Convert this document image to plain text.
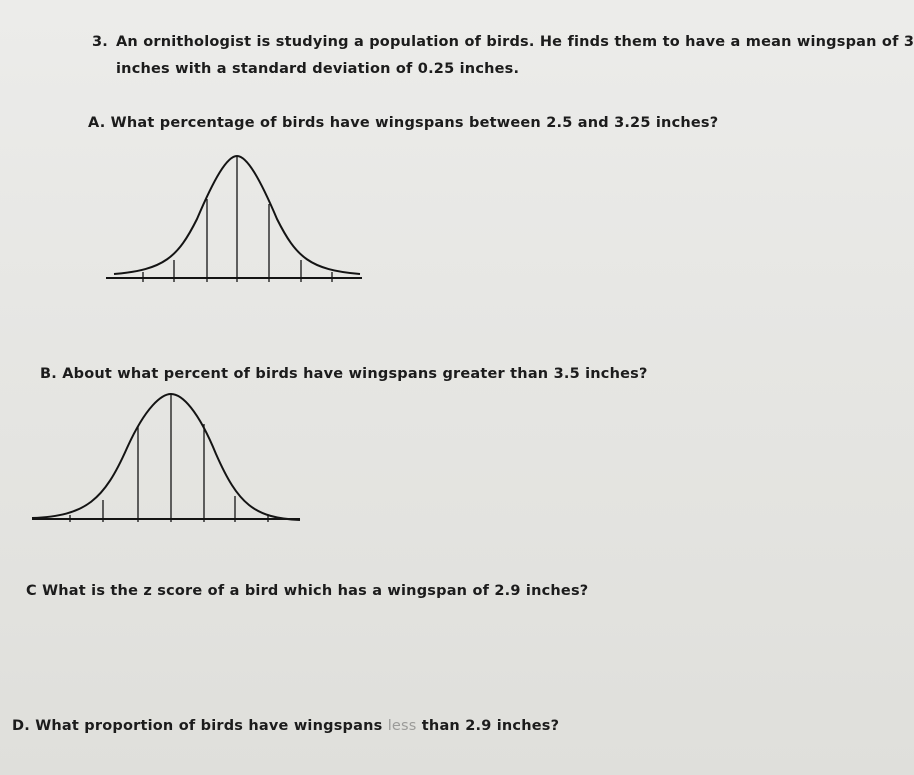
3. An ornithologist is studying a population of birds. He finds them to have a mean wingspan of 3
inches with a standard deviation of 0.25 inches.
A. What percentage of birds have wingspans between 2.5 and 3.25 inches?
B. About what percent of birds have wingspans greater than 3.5 inches?
C What is the z score of a bird which has a wingspan of 2.9 inches?
D. What proportion of birds have wingspans less than 2.9 inches?
